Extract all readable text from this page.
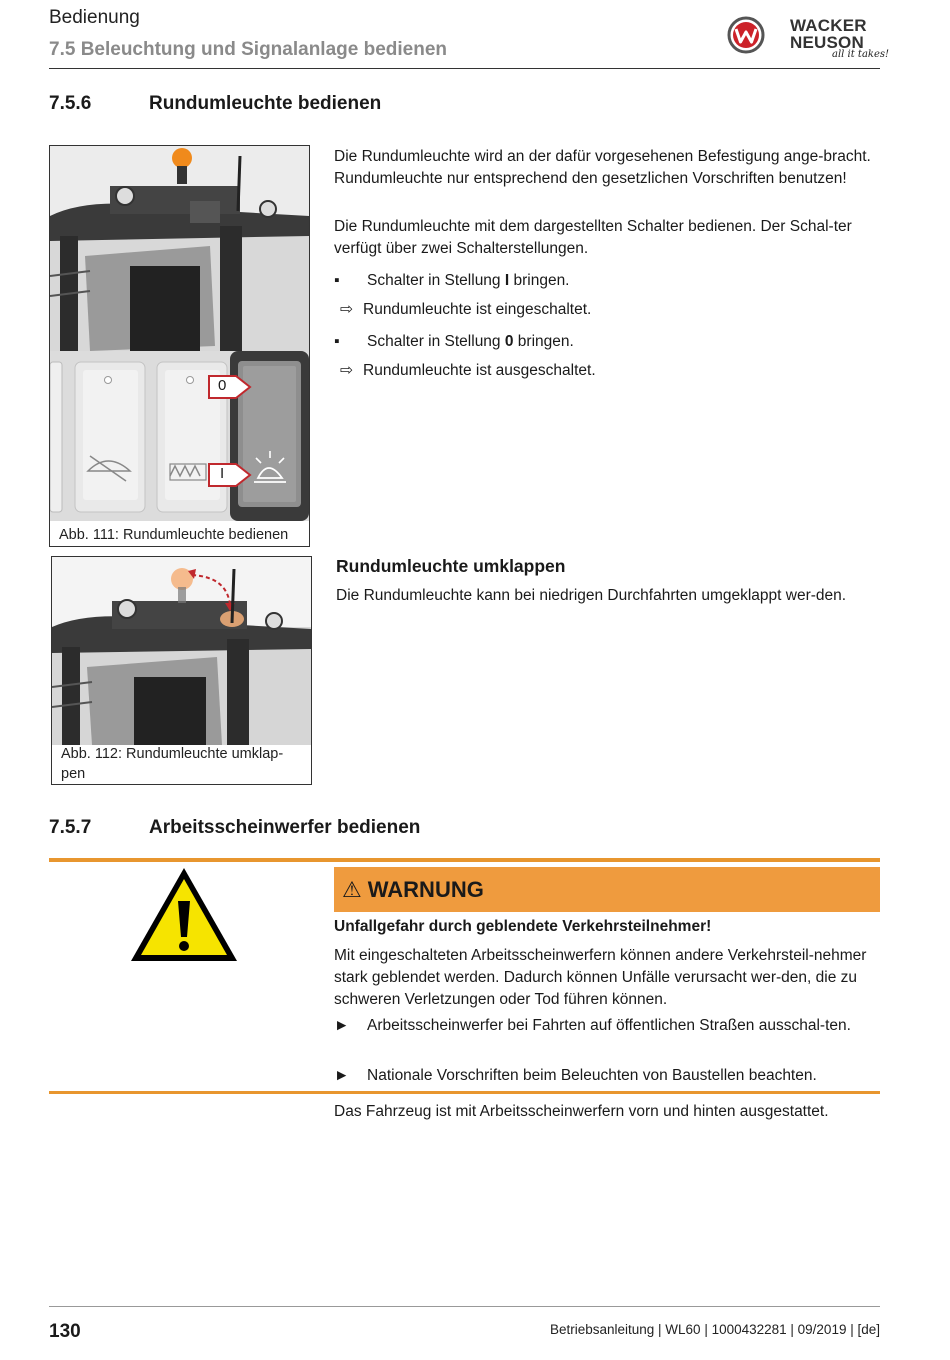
Bedienung
7.5 Beleuchtung und Signalanlage bedienen
WACKER
NEUSON
all it takes!
7.5.6	Rundumleuchte bedienen
0
I
Abb. 111: Rundumleuchte bedienen
Die Rundumleuchte wird an der dafür vorgesehenen Befestigung ange-bracht. Rundumleuchte nur entsprechend den gesetzlichen Vorschriften benutzen!
Die Rundumleuchte mit dem dargestellten Schalter bedienen. Der Schal-ter verfügt über zwei Schalterstellungen.
▪	Schalter in Stellung I bringen.
⇨ Rundumleuchte ist eingeschaltet.
▪	Schalter in Stellung 0 bringen.
⇨ Rundumleuchte ist ausgeschaltet.
Abb. 112: Rundumleuchte umklap-pen
Rundumleuchte umklappen
Die Rundumleuchte kann bei niedrigen Durchfahrten umgeklappt wer-den.
7.5.7	Arbeitsscheinwerfer bedienen
⚠ WARNUNG
Unfallgefahr durch geblendete Verkehrsteilnehmer!
Mit eingeschalteten Arbeitsscheinwerfern können andere Verkehrsteil-nehmer stark geblendet werden. Dadurch können Unfälle verursacht wer-den, die zu schweren Verletzungen oder Tod führen können.
►	Arbeitsscheinwerfer bei Fahrten auf öffentlichen Straßen ausschal-ten.
►	Nationale Vorschriften beim Beleuchten von Baustellen beachten.
Das Fahrzeug ist mit Arbeitsscheinwerfern vorn und hinten ausgestattet.
130	Betriebsanleitung | WL60 | 1000432281 | 09/2019 | [de]
